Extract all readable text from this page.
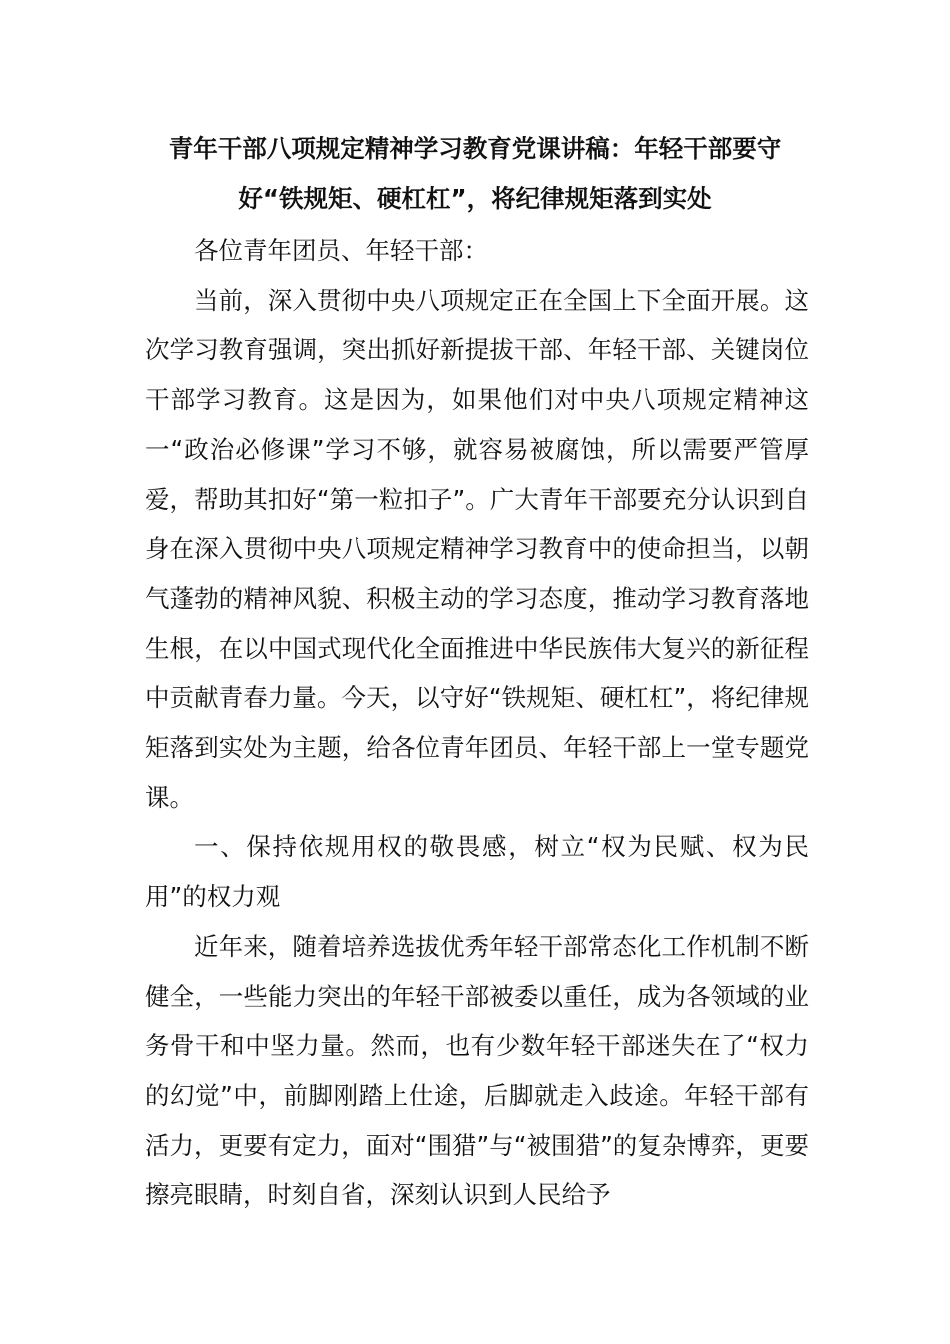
青年干部八项规定精神学习教育党课讲稿：年轻干部要守好“铁规矩、硬杠杠”，将纪律规矩落到实处

各位青年团员、年轻干部：

当前，深入贯彻中央八项规定正在全国上下全面开展。这次学习教育强调，突出抓好新提拔干部、年轻干部、关键岗位干部学习教育。这是因为，如果他们对中央八项规定精神这一“政治必修课”学习不够，就容易被腐蚀，所以需要严管厚爱，帮助其扣好“第一粒扣子”。广大青年干部要充分认识到自身在深入贯彻中央八项规定精神学习教育中的使命担当，以朝气蓬勃的精神风貌、积极主动的学习态度，推动学习教育落地生根，在以中国式现代化全面推进中华民族伟大复兴的新征程中贡献青春力量。今天，以守好“铁规矩、硬杠杠”，将纪律规矩落到实处为主题，给各位青年团员、年轻干部上一堂专题党课。

一、保持依规用权的敬畏感，树立“权为民赋、权为民用”的权力观

近年来，随着培养选拔优秀年轻干部常态化工作机制不断健全，一些能力突出的年轻干部被委以重任，成为各领域的业务骨干和中坚力量。然而，也有少数年轻干部迷失在了“权力的幻觉”中，前脚刚踏上仕途，后脚就走入歧途。年轻干部有活力，更要有定力，面对“围猎”与“被围猎”的复杂博弈，更要擦亮眼睛，时刻自省，深刻认识到人民给予
